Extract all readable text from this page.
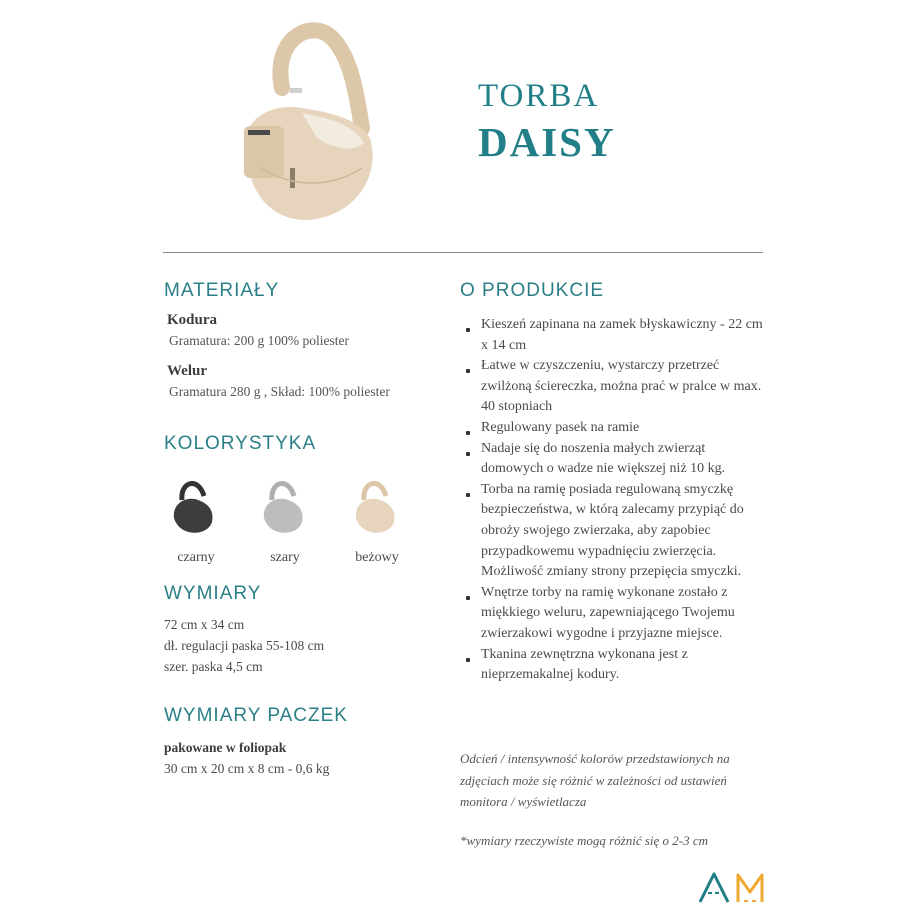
TORBA
DAISY
MATERIAŁY
Kodura
Gramatura: 200 g 100% poliester
Welur
Gramatura 280 g , Skład: 100% poliester
KOLORYSTYKA
czarny	szary	beżowy
WYMIARY
72 cm x 34 cm
dł. regulacji paska 55-108 cm
szer. paska 4,5 cm
WYMIARY PACZEK
pakowane w foliopak
30 cm x 20 cm x 8 cm - 0,6 kg
O PRODUKCIE
Kieszeń zapinana na zamek błyskawiczny - 22 cm x 14 cm
Łatwe w czyszczeniu, wystarczy przetrzeć zwilżoną ściereczka, można prać w pralce w max. 40 stopniach
Regulowany pasek na ramie
Nadaje się do noszenia małych zwierząt domowych o wadze nie większej niż 10 kg.
Torba na ramię posiada regulowaną smyczkę bezpieczeństwa, w którą zalecamy przypiąć do obroży swojego zwierzaka, aby zapobiec przypadkowemu wypadnięciu zwierzęcia. Możliwość zmiany strony przepięcia smyczki.
Wnętrze torby na ramię wykonane zostało z miękkiego weluru, zapewniającego Twojemu zwierzakowi wygodne i przyjazne miejsce.
Tkanina zewnętrzna wykonana jest z nieprzemakalnej kodury.
Odcień / intensywność kolorów przedstawionych na zdjęciach może się różnić w zależności od ustawień monitora / wyświetlacza
*wymiary rzeczywiste mogą różnić się o 2-3 cm
